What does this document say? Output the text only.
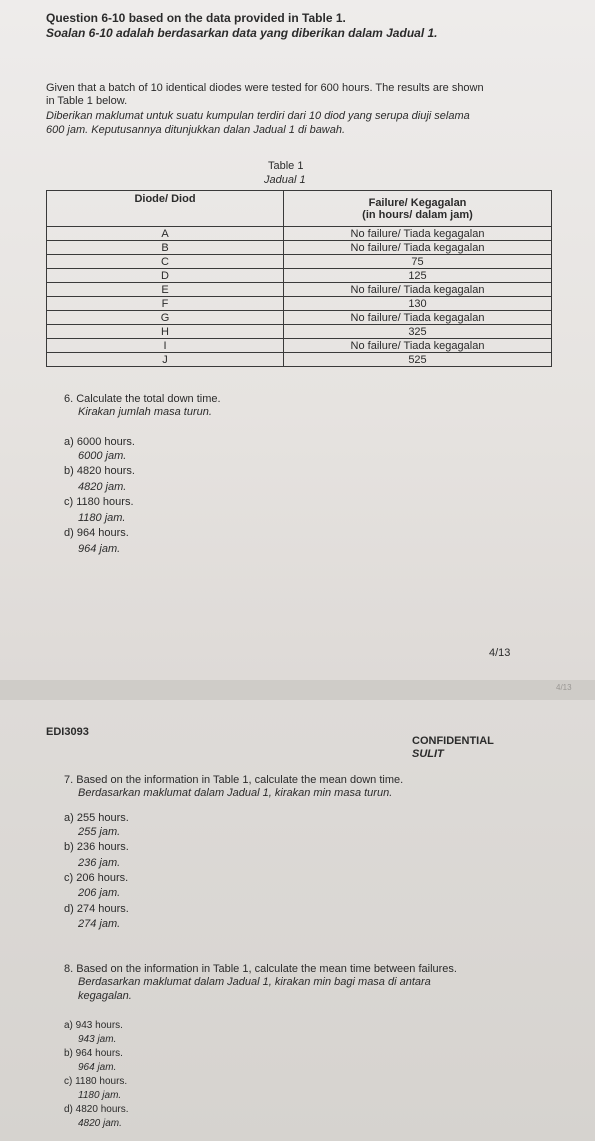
Question 6-10 based on the data provided in Table 1.
Soalan 6-10 adalah berdasarkan data yang diberikan dalam Jadual 1.
Given that a batch of 10 identical diodes were tested for 600 hours. The results are shown
in Table 1 below.
Diberikan maklumat untuk suatu kumpulan terdiri dari 10 diod yang serupa diuji selama
600 jam. Keputusannya ditunjukkan dalan Jadual 1 di bawah.
Table 1
Jadual 1
Diode/ Diod	Failure/ Kegagalan
(in hours/ dalam jam)

A	No failure/ Tiada kegagalan
B	No failure/ Tiada kegagalan
C	75
D	125
E	No failure/ Tiada kegagalan
F	130
G	No failure/ Tiada kegagalan
H	325
I	No failure/ Tiada kegagalan
J	525
6. Calculate the total down time.
Kirakan jumlah masa turun.
a) 6000 hours.
6000 jam.
b) 4820 hours.
4820 jam.
c) 1180 hours.
1180 jam.
d) 964 hours.
964 jam.
4/13
4/13
EDI3093
CONFIDENTIAL
SULIT
7. Based on the information in Table 1, calculate the mean down time.
Berdasarkan maklumat dalam Jadual 1, kirakan min masa turun.
a) 255 hours.
255 jam.
b) 236 hours.
236 jam.
c) 206 hours.
206 jam.
d) 274 hours.
274 jam.
8. Based on the information in Table 1, calculate the mean time between failures.
Berdasarkan maklumat dalam Jadual 1, kirakan min bagi masa di antara
kegagalan.
a) 943 hours.
943 jam.
b) 964 hours.
964 jam.
c) 1180 hours.
1180 jam.
d) 4820 hours.
4820 jam.
